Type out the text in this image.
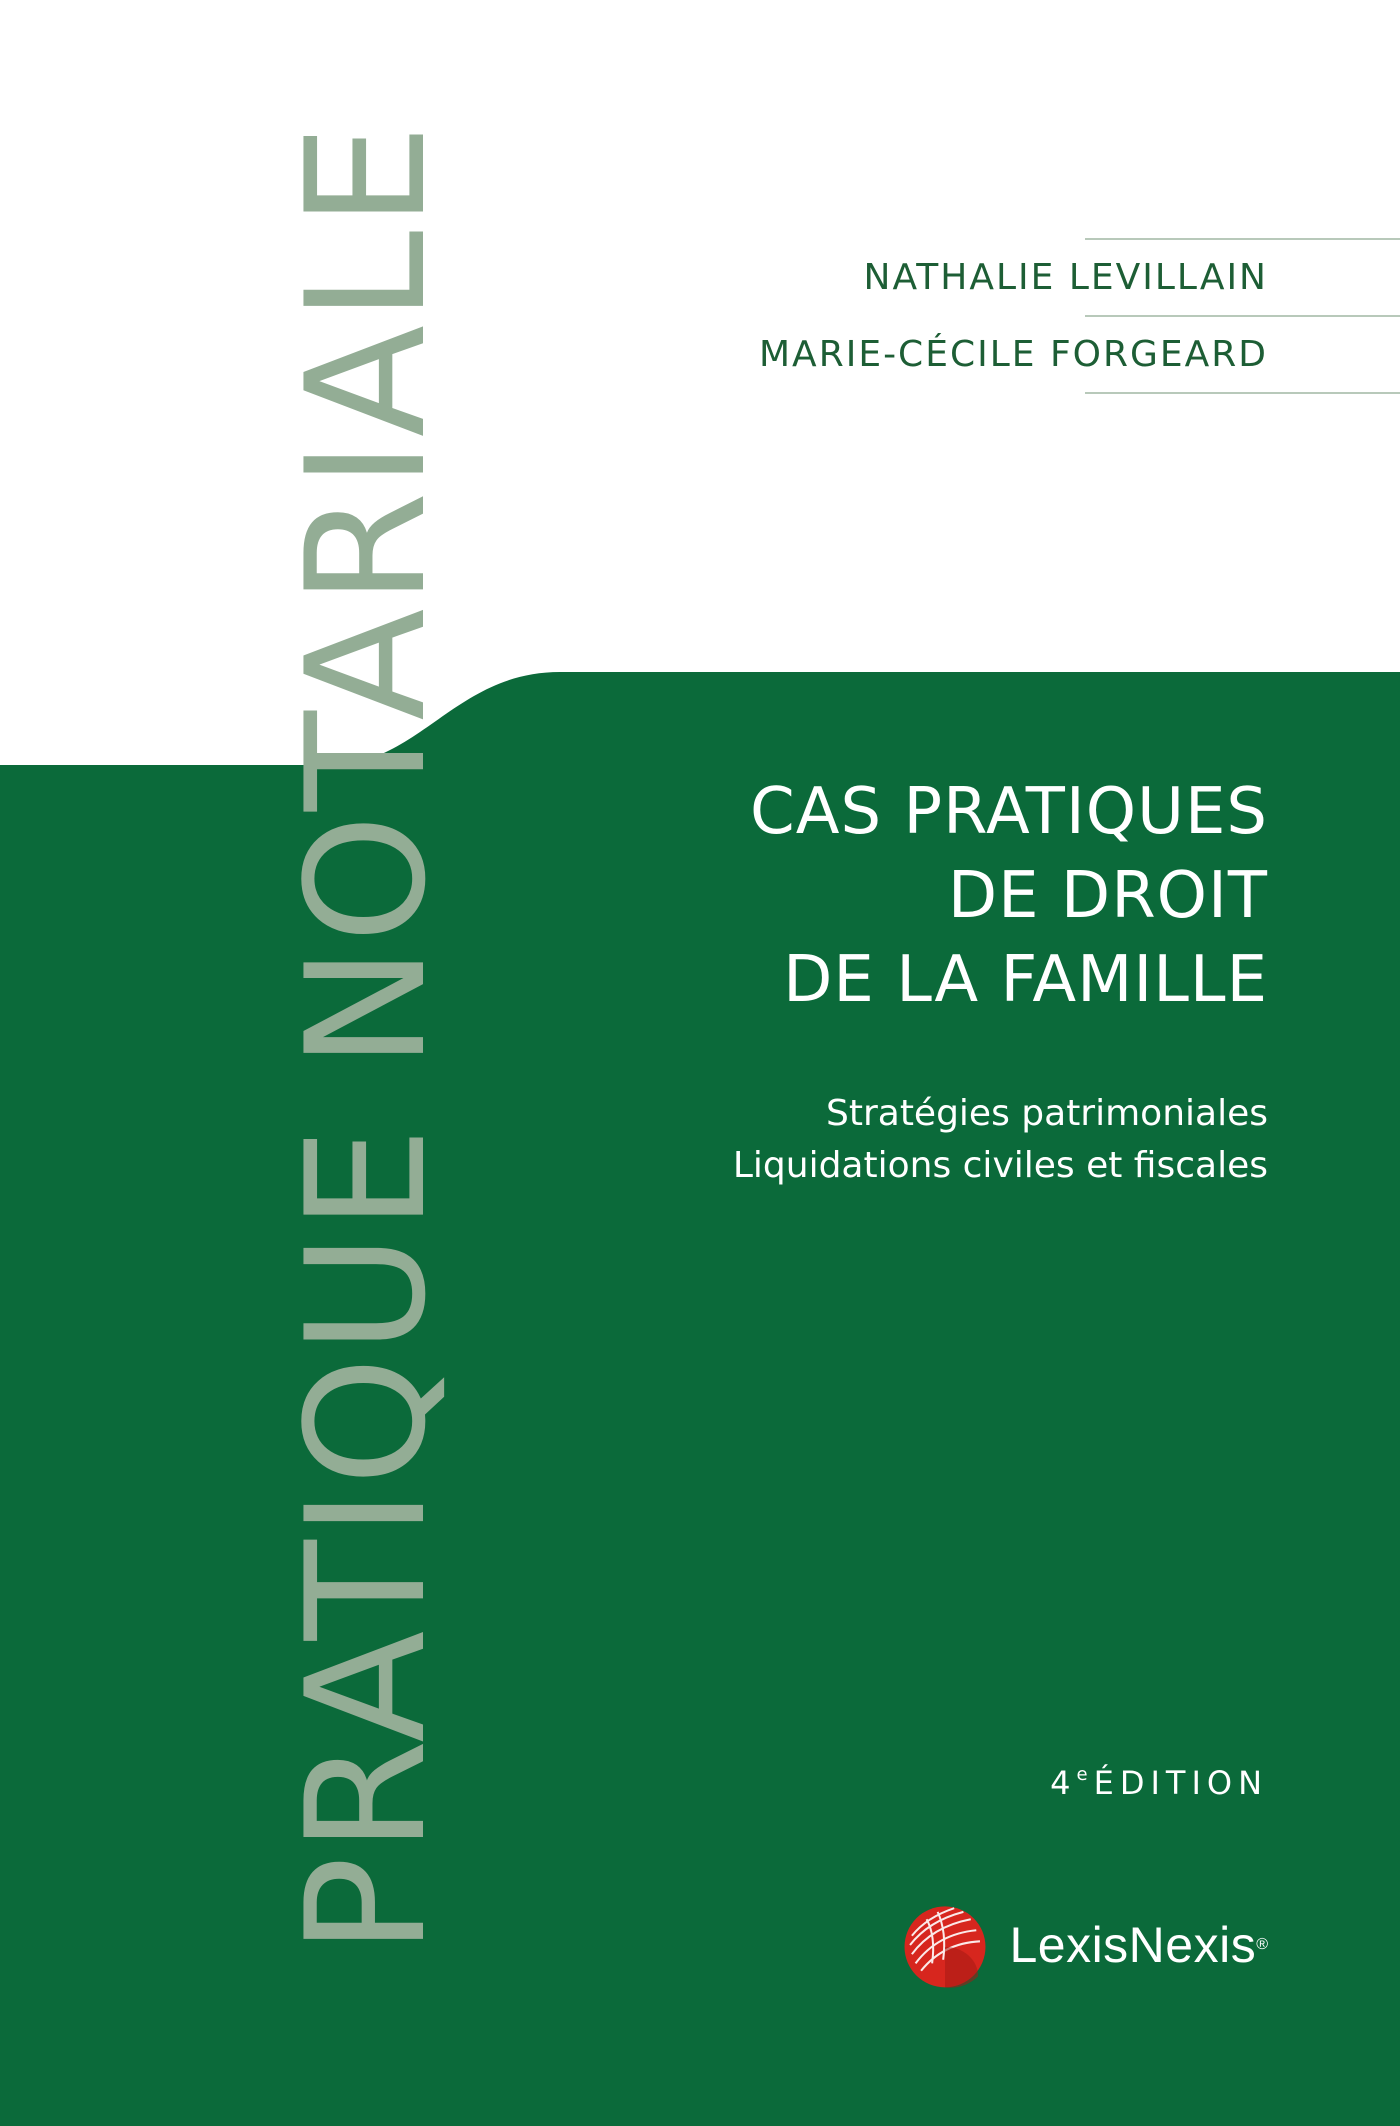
PRATIQUE NOTARIALE	NATHALIE LEVILLAIN
MARIE-CÉCILE FORGEARD
CAS PRATIQUES
DE DROIT
DE LA FAMILLE
Stratégies patrimoniales
Liquidations civiles et fiscales
4e ÉDITION
LexisNexis ®
